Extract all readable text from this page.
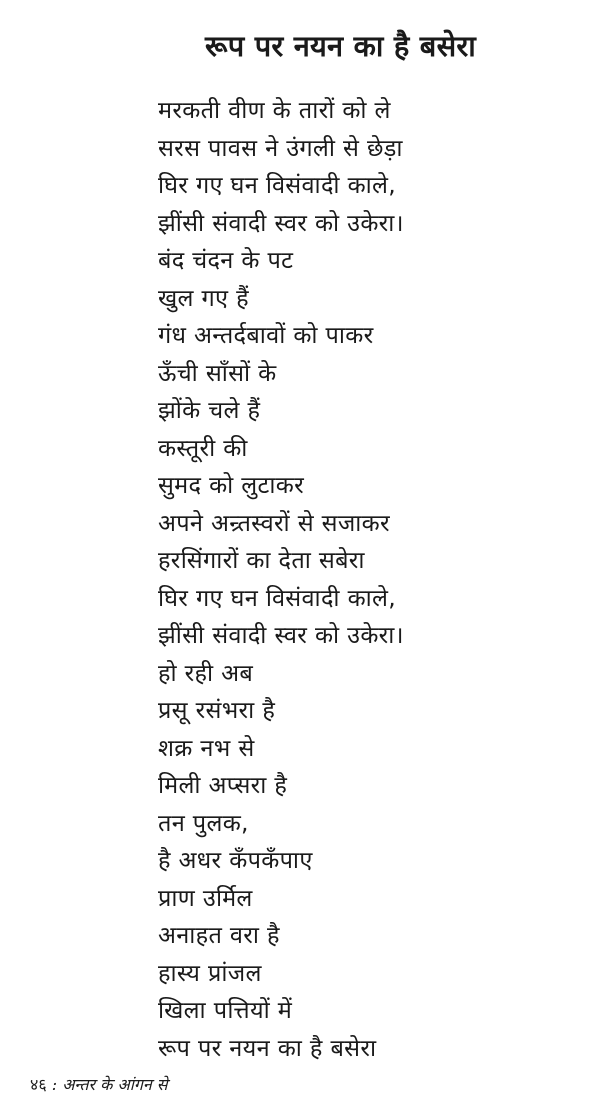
रूप पर नयन का है बसेरा
मरकती वीण के तारों को ले
सरस पावस ने उंगली से छेड़ा
घिर गए घन विसंवादी काले,
झींसी संवादी स्वर को उकेरा।
बंद चंदन के पट
खुल गए हैं
गंध अन्तर्दबावों को पाकर
ऊँची साँसों के
झोंके चले हैं
कस्तूरी की
सुमद को लुटाकर
अपने अन्र्तस्वरों से सजाकर
हरसिंगारों का देता सबेरा
घिर गए घन विसंवादी काले,
झींसी संवादी स्वर को उकेरा।
हो रही अब
प्रसू रसंभरा है
शक्र नभ से
मिली अप्सरा है
तन पुलक,
है अधर कँपकँपाए
प्राण उर्मिल
अनाहत वरा है
हास्य प्रांजल
खिला पत्तियों में
रूप पर नयन का है बसेरा
४६ : अन्तर के आंगन से
